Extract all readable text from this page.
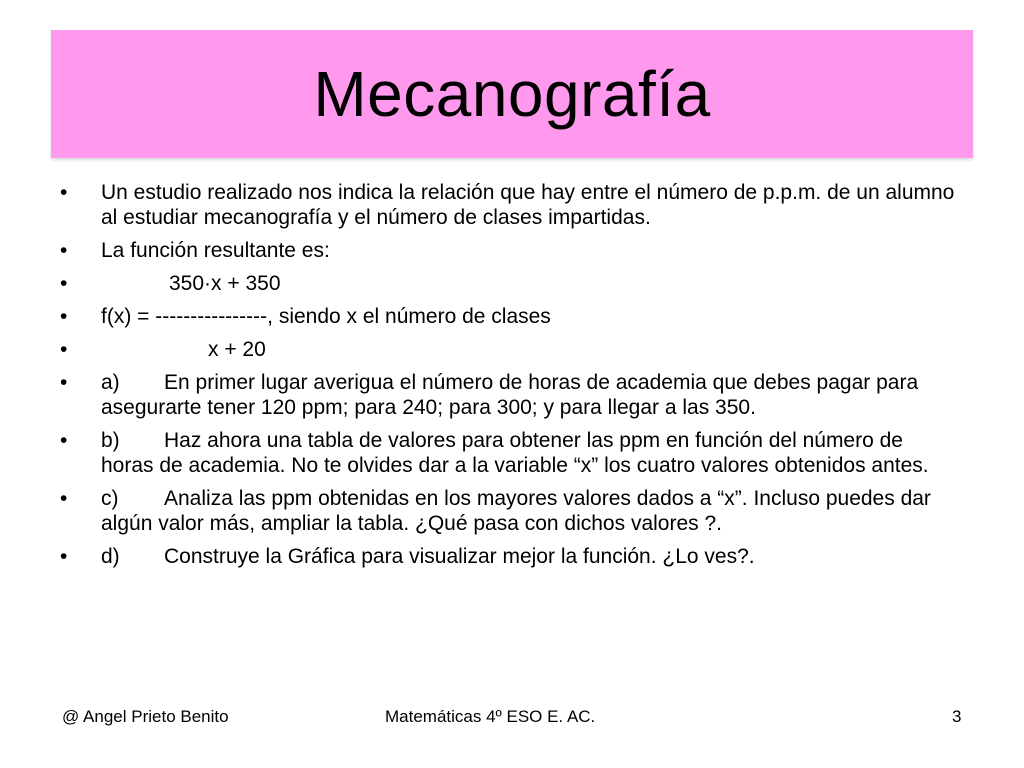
Mecanografía
•	Un estudio realizado nos indica la relación que hay entre el número de p.p.m. de un alumno al estudiar mecanografía y el número de clases impartidas.
•	La función resultante es:
•	350·x + 350
•	f(x) = ----------------, siendo x el número de clases
•	x + 20
•	a) En primer lugar averigua el número de horas de academia que debes pagar para asegurarte tener 120 ppm; para 240; para 300; y para llegar a las 350.
•	b) Haz ahora una tabla de valores para obtener las ppm en función del número de horas de academia. No te olvides dar a la variable “x” los cuatro valores obtenidos antes.
•	c) Analiza las ppm obtenidas en los mayores valores dados a “x”. Incluso puedes dar algún valor más, ampliar la tabla. ¿Qué pasa con dichos valores ?.
•	d) Construye la Gráfica para visualizar mejor la función. ¿Lo ves?.
@ Angel Prieto Benito	Matemáticas 4º ESO E. AC.	3
